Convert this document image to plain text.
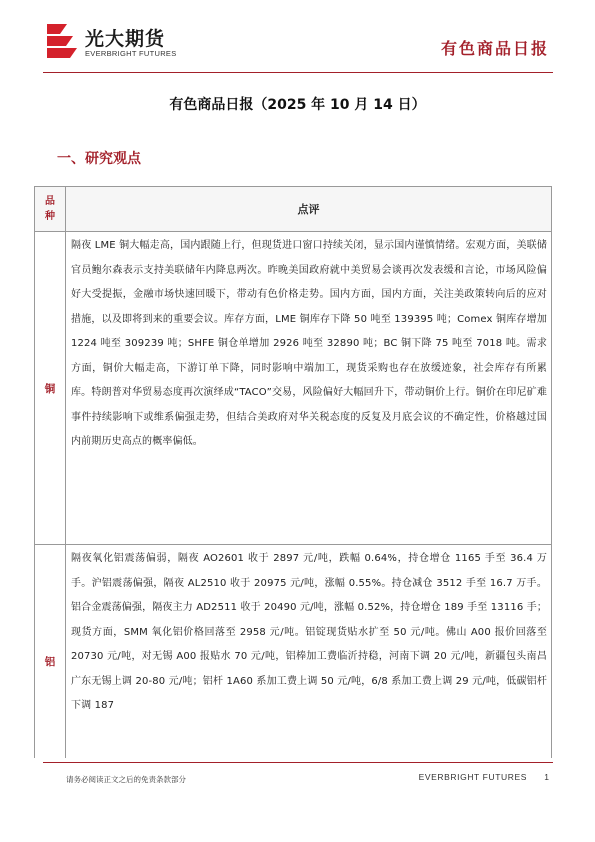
光大期货
EVERBRIGHT FUTURES	有色商品日报
有色商品日报（2025 年 10 月 14 日）
一、研究观点
品种	点评
铜	隔夜 LME 铜大幅走高，国内跟随上行，但现货进口窗口持续关闭，显示国内谨慎情绪。宏观方面，美联储官员鲍尔森表示支持美联储年内降息两次。昨晚美国政府就中美贸易会谈再次发表缓和言论，市场风险偏好大受提振，金融市场快速回暖下，带动有色价格走势。国内方面，国内方面，关注美政策转向后的应对措施，以及即将到来的重要会议。库存方面，LME 铜库存下降 50 吨至 139395 吨；Comex 铜库存增加 1224 吨至 309239 吨；SHFE 铜仓单增加 2926 吨至 32890 吨；BC 铜下降 75 吨至 7018 吨。需求方面，铜价大幅走高，下游订单下降，同时影响中端加工，现货采购也存在放缓迹象，社会库存有所累库。特朗普对华贸易态度再次演绎成“TACO”交易，风险偏好大幅回升下，带动铜价上行。铜价在印尼矿难事件持续影响下或维系偏强走势，但结合美政府对华关税态度的反复及月底会议的不确定性，价格越过国内前期历史高点的概率偏低。
铝	隔夜氧化铝震荡偏弱，隔夜 AO2601 收于 2897 元/吨，跌幅 0.64%，持仓增仓 1165 手至 36.4 万手。沪铝震荡偏强，隔夜 AL2510 收于 20975 元/吨，涨幅 0.55%。持仓减仓 3512 手至 16.7 万手。铝合金震荡偏强，隔夜主力 AD2511 收于 20490 元/吨，涨幅 0.52%，持仓增仓 189 手至 13116 手；现货方面，SMM 氧化铝价格回落至 2958 元/吨。铝锭现货贴水扩至 50 元/吨。佛山 A00 报价回落至 20730 元/吨，对无锡 A00 报贴水 70 元/吨，铝棒加工费临沂持稳，河南下调 20 元/吨，新疆包头南昌广东无锡上调 20-80 元/吨；铝杆 1A60 系加工费上调 50 元/吨，6/8 系加工费上调 29 元/吨，低碳铝杆下调 187
请务必阅读正文之后的免责条款部分	EVERBRIGHT FUTURES 1
